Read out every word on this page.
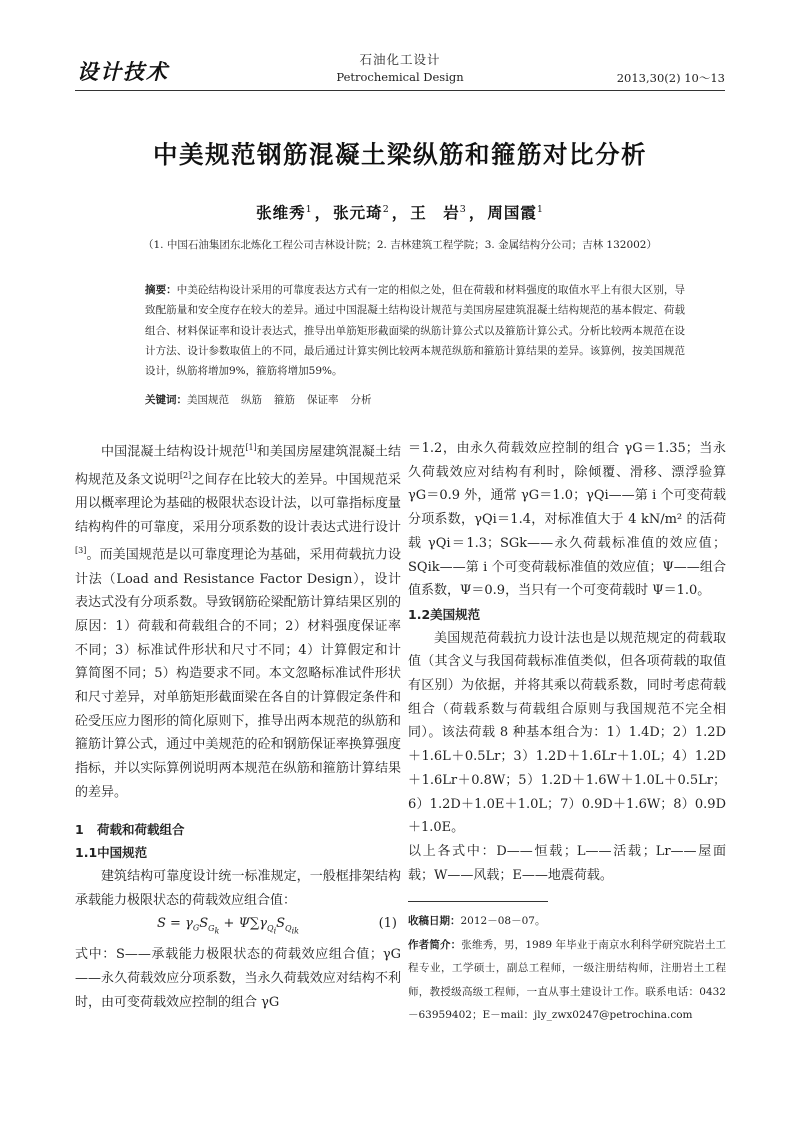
设计技术	石油化工设计
Petrochemical Design	2013,30(2) 10～13
中美规范钢筋混凝土梁纵筋和箍筋对比分析
张维秀$^1$ ， 张元琦$^2$ ， 王　岩$^3$ ， 周国霞$^1$
（1. 中国石油集团东北炼化工程公司吉林设计院；2. 吉林建筑工程学院；3. 金属结构分公司；吉林 132002）
摘要：中美砼结构设计采用的可靠度表达方式有一定的相似之处，但在荷载和材料强度的取值水平上有很大区别，导致配筋量和安全度存在较大的差异。通过中国混凝土结构设计规范与美国房屋建筑混凝土结构规范的基本假定、荷载组合、材料保证率和设计表达式，推导出单筋矩形截面梁的纵筋计算公式以及箍筋计算公式。分析比较两本规范在设计方法、设计参数取值上的不同，最后通过计算实例比较两本规范纵筋和箍筋计算结果的差异。该算例，按美国规范设计，纵筋将增加9%，箍筋将增加59%。
关键词：美国规范 纵筋 箍筋 保证率 分析

中国混凝土结构设计规范[1]和美国房屋建筑混凝土结构规范及条文说明[2]之间存在比较大的差异。中国规范采用以概率理论为基础的极限状态设计法，以可靠指标度量结构构件的可靠度，采用分项系数的设计表达式进行设计[3]。而美国规范是以可靠度理论为基础，采用荷载抗力设计法（Load and Resistance Factor Design），设计表达式没有分项系数。导致钢筋砼梁配筋计算结果区别的原因：1）荷载和荷载组合的不同；2）材料强度保证率不同；3）标准试件形状和尺寸不同；4）计算假定和计算简图不同；5）构造要求不同。本文忽略标准试件形状和尺寸差异，对单筋矩形截面梁在各自的计算假定条件和砼受压应力图形的简化原则下，推导出两本规范的纵筋和箍筋计算公式，通过中美规范的砼和钢筋保证率换算强度指标，并以实际算例说明两本规范在纵筋和箍筋计算结果的差异。

1 荷载和荷载组合

1.1中国规范

建筑结构可靠度设计统一标准规定，一般框排架结构承载能力极限状态的荷载效应组合值：

$S = \gamma_GS_{G_k} + \Psi\sum\gamma_{Q_i}S_{Q_{ik}}$	(1)

式中：S——承载能力极限状态的荷载效应组合值；γG——永久荷载效应分项系数，当永久荷载效应对结构不利时，由可变荷载效应控制的组合 γG

＝1.2，由永久荷载效应控制的组合 γG＝1.35；当永久荷载效应对结构有利时，除倾覆、滑移、漂浮验算 γG＝0.9 外，通常 γG＝1.0；γQi——第 i 个可变荷载分项系数，γQi＝1.4，对标准值大于 4 kN/m² 的活荷载 γQi＝1.3；SGk——永久荷载标准值的效应值；SQik——第 i 个可变荷载标准值的效应值；Ψ——组合值系数，Ψ＝0.9，当只有一个可变荷载时 Ψ＝1.0。

1.2美国规范

美国规范荷载抗力设计法也是以规范规定的荷载取值（其含义与我国荷载标准值类似，但各项荷载的取值有区别）为依据，并将其乘以荷载系数，同时考虑荷载组合（荷载系数与荷载组合原则与我国规范不完全相同）。该法荷载 8 种基本组合为：1）1.4D；2）1.2D＋1.6L＋0.5Lr；3）1.2D＋1.6Lr＋1.0L；4）1.2D＋1.6Lr＋0.8W；5）1.2D＋1.6W＋1.0L＋0.5Lr；6）1.2D＋1.0E＋1.0L；7）0.9D＋1.6W；8）0.9D＋1.0E。

以上各式中：D——恒载；L——活载；Lr——屋面载；W——风载；E——地震荷载。

收稿日期：2012－08－07。
作者简介：张维秀，男，1989 年毕业于南京水利科学研究院岩土工程专业，工学硕士，副总工程师，一级注册结构师，注册岩土工程师，教授级高级工程师，一直从事土建设计工作。联系电话：0432－63959402；E－mail：jly_zwx0247@petrochina.com
